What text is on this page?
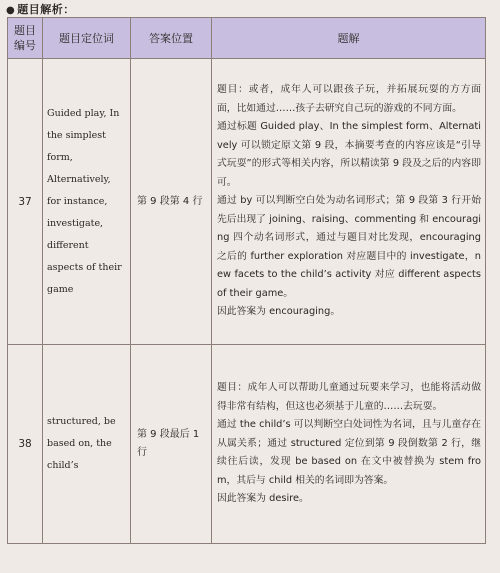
● 题目解析：
题目编号	题目定位词	答案位置	题解
37	Guided play, In the simplest form, Alternatively, for instance, investigate, different aspects of their game	第 9 段第 4 行	题目：或者，成年人可以跟孩子玩，并拓展玩耍的方方面面，比如通过……孩子去研究自己玩的游戏的不同方面。

通过标题 Guided play、In the simplest form、Alternatively 可以锁定原文第 9 段，本摘要考查的内容应该是“引导式玩耍”的形式等相关内容，所以精读第 9 段及之后的内容即可。

通过 by 可以判断空白处为动名词形式；第 9 段第 3 行开始先后出现了 joining、raising、commenting 和 encouraging 四个动名词形式，通过与题目对比发现，encouraging 之后的 further exploration 对应题目中的 investigate，new facets to the child’s activity 对应 different aspects of their game。

因此答案为 encouraging。

38	structured, be based on, the child’s	第 9 段最后 1 行	题目：成年人可以帮助儿童通过玩要来学习，也能将活动做得非常有结构，但这也必须基于儿童的……去玩耍。

通过 the child’s 可以判断空白处词性为名词，且与儿童存在从属关系；通过 structured 定位到第 9 段倒数第 2 行，继续往后读，发现 be based on 在文中被替换为 stem from，其后与 child 相关的名词即为答案。

因此答案为 desire。
